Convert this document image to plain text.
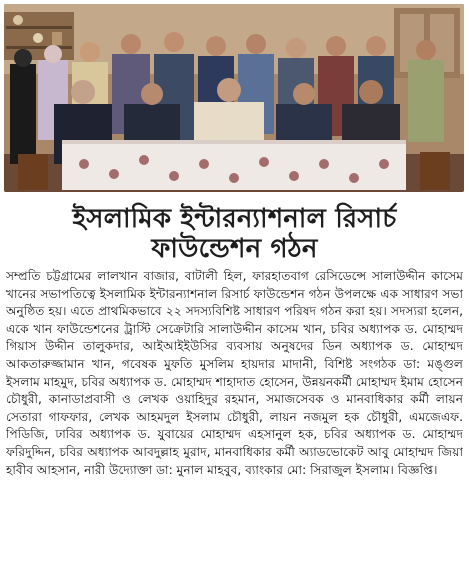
ইসলামিক ইন্টারন্যাশনাল রিসার্চ
ফাউন্ডেশন গঠন
সম্প্রতি চট্টগ্রামের লালখান বাজার, বাটালী হিল, ফারহাতবাগ রেসিডেন্সে সালাউদ্দীন কাসেম খানের সভাপতিত্বে ইসলামিক ইন্টারন্যাশনাল রিসার্চ ফাউন্ডেশন গঠন উপলক্ষে এক সাধারণ সভা অনুষ্ঠিত হয়। এতে প্রাথমিকভাবে ২২ সদস্যবিশিষ্ট সাধারণ পরিষদ গঠন করা হয়। সদস্যরা হলেন, একে খান ফাউন্ডেশনের ট্রাস্টি সেক্রেটারি সালাউদ্দীন কাসেম খান, চবির অধ্যাপক ড. মোহাম্মদ গিয়াস উদ্দীন তালুকদার, আইআইইউসির ব্যবসায় অনুষদের ডিন অধ্যাপক ড. মোহাম্মদ আকতারুজ্জামান খান, গবেষক মুফতি মুসলিম হায়দার মাদানী, বিশিষ্ট সংগঠক ডা: মঙ্গুল ইসলাম মাহমুদ, চবির অধ্যাপক ড. মোহাম্মদ শাহাদাত হোসেন, উন্নয়নকর্মী মোহাম্মদ ইমাম হোসেন চৌধুরী, কানাডাপ্রবাসী ও লেখক ওয়াহিদুর রহমান, সমাজসেবক ও মানবাধিকার কর্মী লায়ন সেতারা গাফফার, লেখক আহমদুল ইসলাম চৌধুরী, লায়ন নজমুল হক চৌধুরী, এমজেএফ. পিডিজি, ঢাবির অধ্যাপক ড. যুবায়ের মোহাম্মদ এহসানুল হক, চবির অধ্যাপক ড. মোহাম্মদ ফরিদুদ্দিন, চবির অধ্যাপক আবদুল্লাহ মুরাদ, মানবাধিকার কর্মী অ্যাডভোকেট আবু মোহাম্মদ জিয়া হাবীব আহসান, নারী উদ্যোক্তা ডা: মুনাল মাহবুব, ব্যাংকার মো: সিরাজুল ইসলাম। বিজ্ঞপ্তি।
